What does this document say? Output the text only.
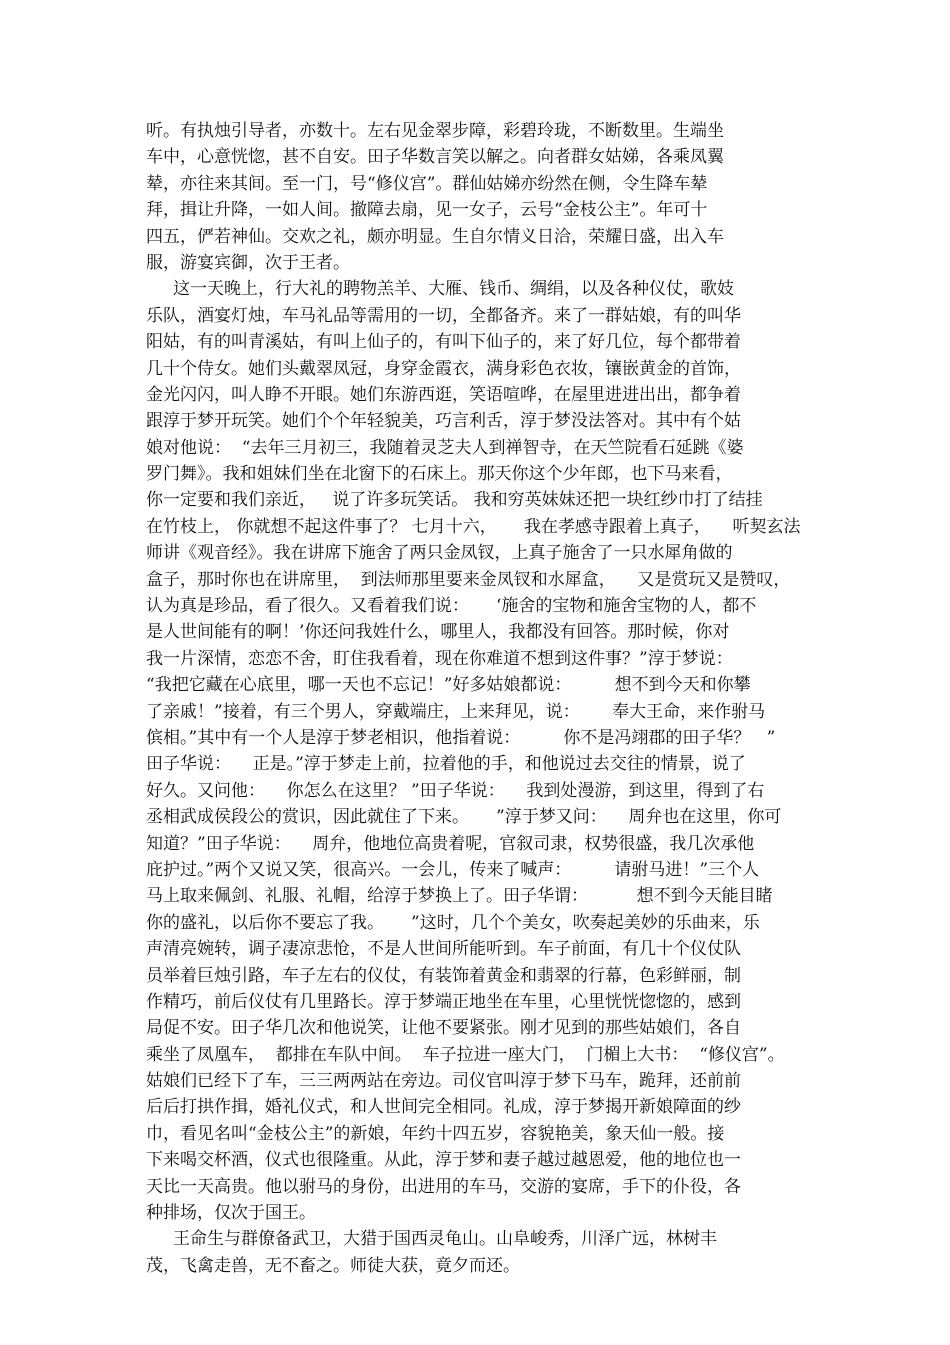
听。有执烛引导者，亦数十。左右见金翠步障，彩碧玲珑，不断数里。生端坐
车中，心意恍惚，甚不自安。田子华数言笑以解之。向者群女姑娣，各乘凤翼
辇，亦往来其间。至一门，号“修仪宫”。群仙姑娣亦纷然在侧，令生降车辇
拜，揖让升降，一如人间。撤障去扇，见一女子，云号“金枝公主”。年可十
四五，俨若神仙。交欢之礼，颇亦明显。生自尔情义日洽，荣耀日盛，出入车
服，游宴宾御，次于王者。
这一天晚上，行大礼的聘物羔羊、大雁、钱币、绸绢，以及各种仪仗，歌妓
乐队，酒宴灯烛，车马礼品等需用的一切，全都备齐。来了一群姑娘，有的叫华
阳姑，有的叫青溪姑，有叫上仙子的，有叫下仙子的，来了好几位，每个都带着
几十个侍女。她们头戴翠凤冠，身穿金霞衣，满身彩色衣妆，镶嵌黄金的首饰，
金光闪闪，叫人睁不开眼。她们东游西逛，笑语喧哗，在屋里进进出出，都争着
跟淳于梦开玩笑。她们个个年轻貌美，巧言利舌，淳于梦没法答对。其中有个姑
娘对他说：  “去年三月初三，我随着灵芝夫人到禅智寺，在天竺院看石延跳《婆
罗门舞》。我和姐妹们坐在北窗下的石床上。那天你这个少年郎，也下马来看，
你一定要和我们亲近，   说了许多玩笑话。 我和穷英妹妹还把一块红纱巾打了结挂
在竹枝上， 你就想不起这件事了？ 七月十六，     我在孝感寺跟着上真子，    听契玄法
师讲《观音经》。我在讲席下施舍了两只金凤钗，上真子施舍了一只水犀角做的
盒子，那时你也在讲席里，  到法师那里要来金凤钗和水犀盒，    又是赏玩又是赞叹，
认为真是珍品，看了很久。又看着我们说：     ‘施舍的宝物和施舍宝物的人，都不
是人世间能有的啊！’你还问我姓什么，哪里人，我都没有回答。那时候，你对
我一片深情，恋恋不舍，盯住我看着，现在你难道不想到这件事？”淳于梦说：
“我把它藏在心底里，哪一天也不忘记！”好多姑娘都说：        想不到今天和你攀
了亲戚！”接着，有三个男人，穿戴端庄，上来拜见，说：      奉大王命，来作驸马
傧相。”其中有一个人是淳于梦老相识，他指着说：        你不是冯翊郡的田子华？   ”
田子华说：    正是。”淳于梦走上前，拉着他的手，和他说过去交往的情景，说了
好久。又问他：    你怎么在这里？ ”田子华说：    我到处漫游，到这里，得到了右
丞相武成侯段公的赏识，因此就住了下来。     ”淳于梦又问：    周弁也在这里，你可
知道？”田子华说：    周弁，他地位高贵着呢，官叙司隶，权势很盛，我几次承他
庇护过。”两个又说又笑，很高兴。一会儿，传来了喊声：        请驸马进！”三个人
马上取来佩剑、礼服、礼帽，给淳于梦换上了。田子华谓：         想不到今天能目睹
你的盛礼，以后你不要忘了我。     ”这时，几个个美女，吹奏起美妙的乐曲来，乐
声清亮婉转，调子凄凉悲怆，不是人世间所能听到。车子前面，有几十个仪仗队
员举着巨烛引路，车子左右的仪仗，有装饰着黄金和翡翠的行幕，色彩鲜丽，制
作精巧，前后仪仗有几里路长。淳于梦端正地坐在车里，心里恍恍惚惚的，感到
局促不安。田子华几次和他说笑，让他不要紧张。刚才见到的那些姑娘们，各自
乘坐了凤凰车，  都排在车队中间。  车子拉进一座大门，  门楣上大书：  “修仪宫”。
姑娘们已经下了车，三三两两站在旁边。司仪官叫淳于梦下马车，跪拜，还前前
后后打拱作揖，婚礼仪式，和人世间完全相同。礼成，淳于梦揭开新娘障面的纱
巾，看见名叫“金枝公主”的新娘，年约十四五岁，容貌艳美，象天仙一般。接
下来喝交杯酒，仪式也很隆重。从此，淳于梦和妻子越过越恩爱，他的地位也一
天比一天高贵。他以驸马的身份，出进用的车马，交游的宴席，手下的仆役，各
种排场，仅次于国王。
王命生与群僚备武卫，大猎于国西灵龟山。山阜峻秀，川泽广远，林树丰
茂，飞禽走兽，无不畜之。师徒大获，竟夕而还。
